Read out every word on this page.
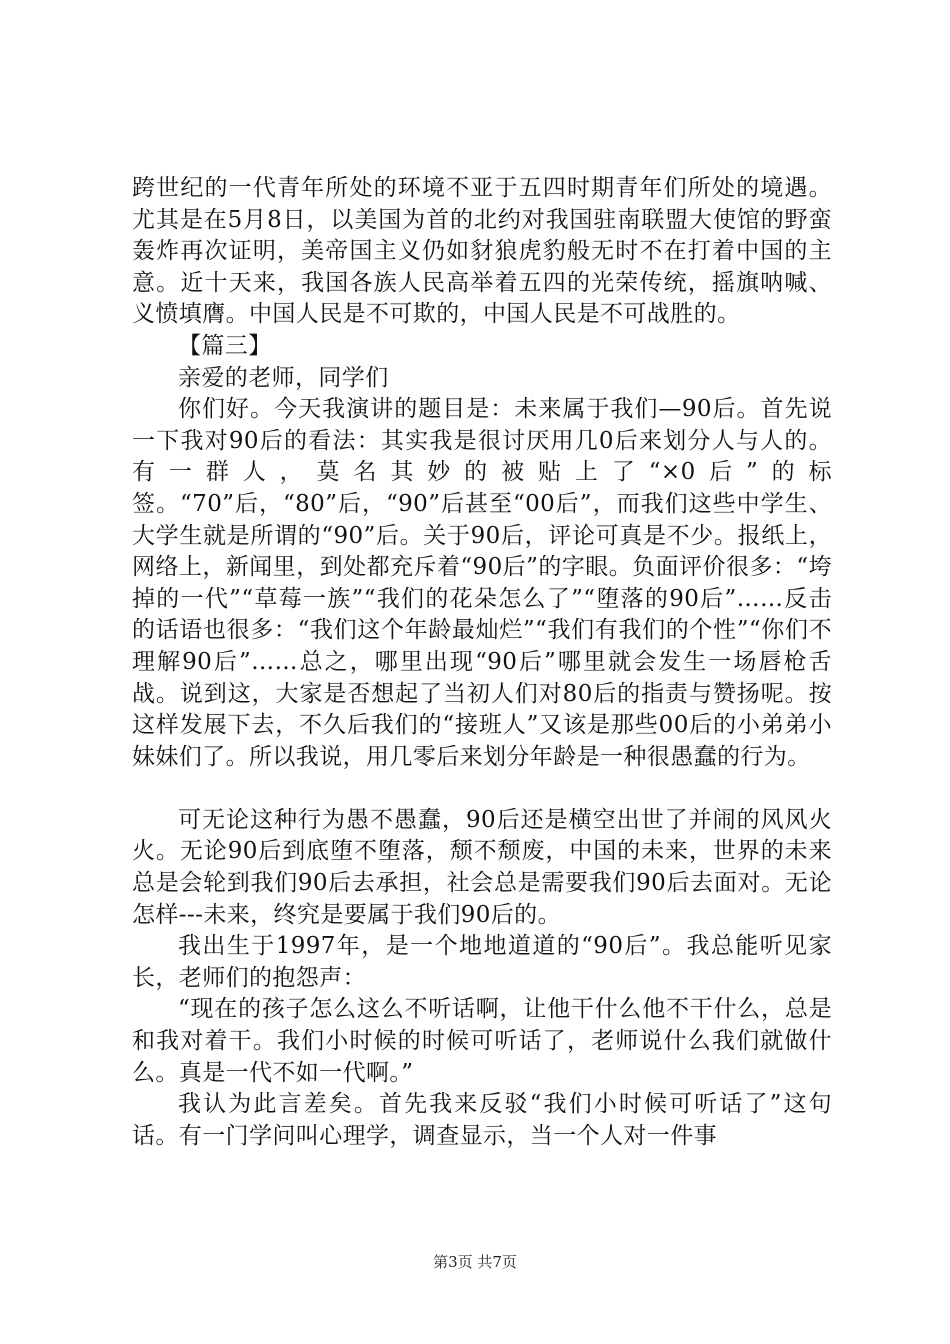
跨世纪的一代青年所处的环境不亚于五四时期青年们所处的境遇。尤其是在5月8日，以美国为首的北约对我国驻南联盟大使馆的野蛮轰炸再次证明，美帝国主义仍如豺狼虎豹般无时不在打着中国的主意。近十天来，我国各族人民高举着五四的光荣传统，摇旗呐喊、义愤填膺。中国人民是不可欺的，中国人民是不可战胜的。

【篇三】

亲爱的老师，同学们

你们好。今天我演讲的题目是：未来属于我们—90后。首先说一下我对90后的看法：其实我是很讨厌用几0后来划分人与人的。有一群人，莫名其妙的被贴上了“×0后”的标签。“70”后，“80”后，“90”后甚至“00后”，而我们这些中学生、大学生就是所谓的“90”后。关于90后，评论可真是不少。报纸上，网络上，新闻里，到处都充斥着“90后”的字眼。负面评价很多：“垮掉的一代”“草莓一族”“我们的花朵怎么了”“堕落的90后”……反击的话语也很多：“我们这个年龄最灿烂”“我们有我们的个性”“你们不理解90后”……总之，哪里出现“90后”哪里就会发生一场唇枪舌战。说到这，大家是否想起了当初人们对80后的指责与赞扬呢。按这样发展下去，不久后我们的“接班人”又该是那些00后的小弟弟小妹妹们了。所以我说，用几零后来划分年龄是一种很愚蠢的行为。

可无论这种行为愚不愚蠢，90后还是横空出世了并闹的风风火火。无论90后到底堕不堕落，颓不颓废，中国的未来，世界的未来总是会轮到我们90后去承担，社会总是需要我们90后去面对。无论怎样---未来，终究是要属于我们90后的。

我出生于1997年，是一个地地道道的“90后”。我总能听见家长，老师们的抱怨声：

“现在的孩子怎么这么不听话啊，让他干什么他不干什么，总是和我对着干。我们小时候的时候可听话了，老师说什么我们就做什么。真是一代不如一代啊。”

我认为此言差矣。首先我来反驳“我们小时候可听话了”这句话。有一门学问叫心理学，调查显示，当一个人对一件事

第3页 共7页
